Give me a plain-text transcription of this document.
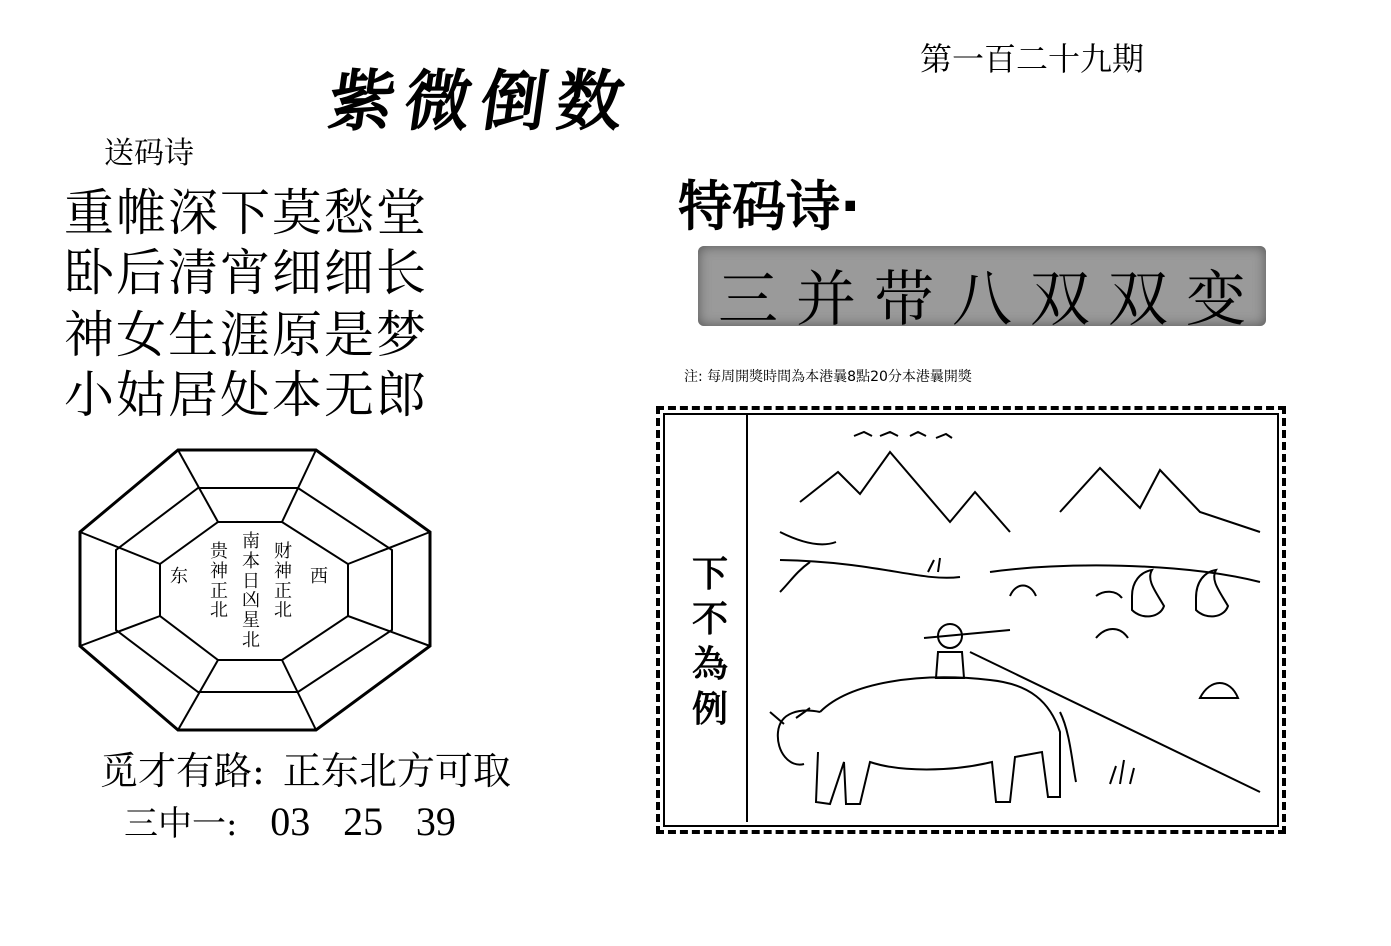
紫微倒数
第一百二十九期
送码诗
重帷深下莫愁堂
卧后清宵细细长
神女生涯原是梦
小姑居处本无郎
特码诗·
三并带八双双变
注: 每周開獎時間為本港曩8點20分本港曩開獎
下不為例
东	西
贵神正北
南本日凶星北
财神正北
觅才有路: 正东北方可取
三中一: 03 25 39
